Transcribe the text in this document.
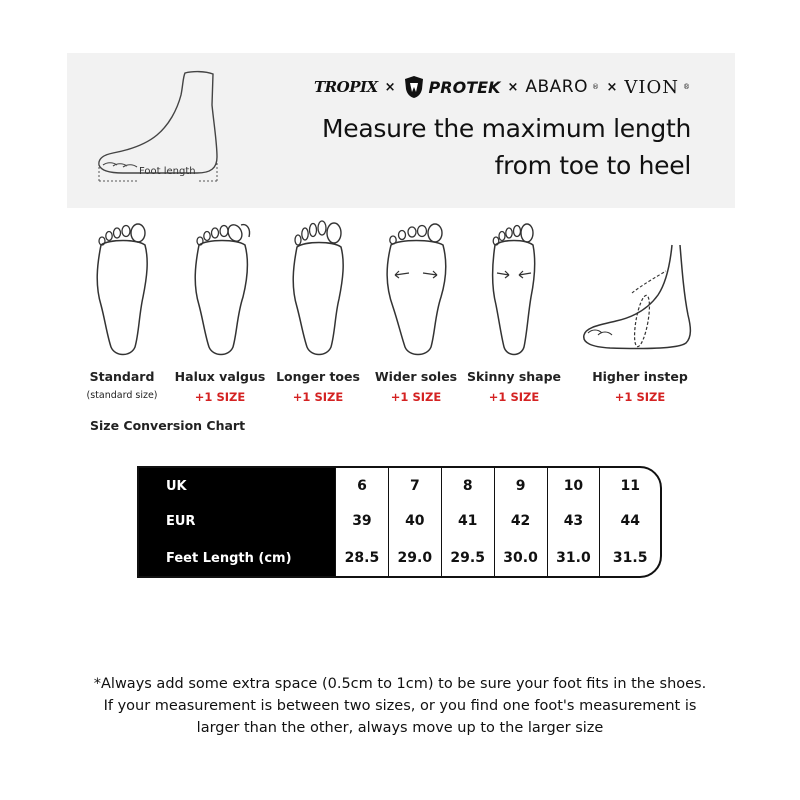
Foot length
TROPIX × PROTEK × ABARO ® × VION ®
Measure the maximum length
from toe to heel
Standard
(standard size)
Halux valgus
+1 SIZE
Longer toes
+1 SIZE
Wider soles
+1 SIZE
Skinny shape
+1 SIZE
Higher instep
+1 SIZE
Size Conversion Chart
UK	6	7	8	9	10	11
EUR	39	40	41	42	43	44
Feet Length (cm)	28.5	29.0	29.5	30.0	31.0	31.5
*Always add some extra space (0.5cm to 1cm) to be sure your foot fits in the shoes.
If your measurement is between two sizes, or you find one foot's measurement is
larger than the other, always move up to the larger size
